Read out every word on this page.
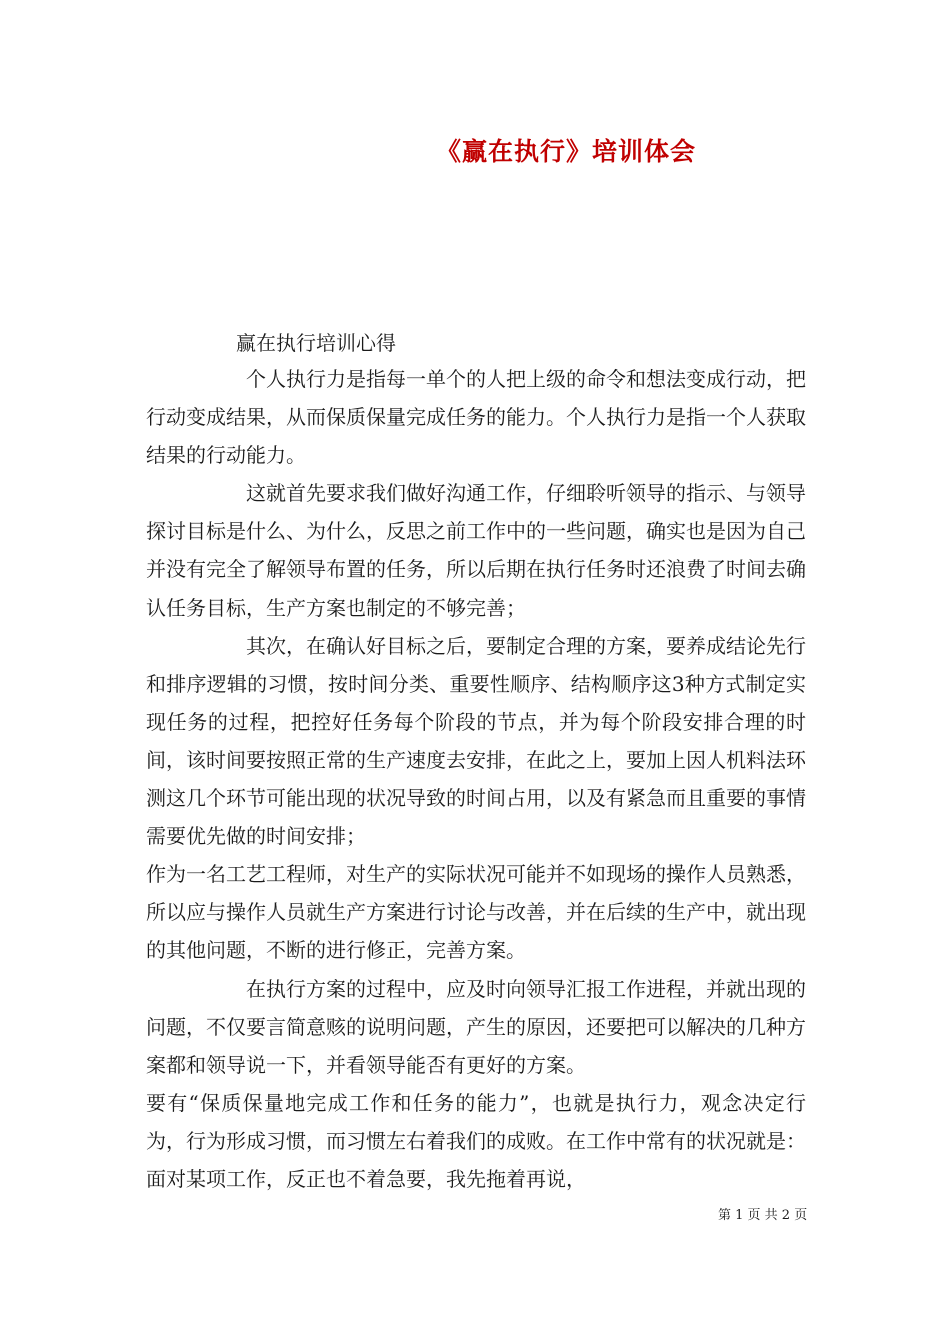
《赢在执行》培训体会
赢在执行培训心得

个人执行力是指每一单个的人把上级的命令和想法变成行动，把行动变成结果，从而保质保量完成任务的能力。个人执行力是指一个人获取结果的行动能力。

这就首先要求我们做好沟通工作，仔细聆听领导的指示、与领导探讨目标是什么、为什么，反思之前工作中的一些问题，确实也是因为自己并没有完全了解领导布置的任务，所以后期在执行任务时还浪费了时间去确认任务目标，生产方案也制定的不够完善；

其次，在确认好目标之后，要制定合理的方案，要养成结论先行和排序逻辑的习惯，按时间分类、重要性顺序、结构顺序这3种方式制定实现任务的过程，把控好任务每个阶段的节点，并为每个阶段安排合理的时间，该时间要按照正常的生产速度去安排，在此之上，要加上因人机料法环测这几个环节可能出现的状况导致的时间占用，以及有紧急而且重要的事情需要优先做的时间安排；

作为一名工艺工程师，对生产的实际状况可能并不如现场的操作人员熟悉，所以应与操作人员就生产方案进行讨论与改善，并在后续的生产中，就出现的其他问题，不断的进行修正，完善方案。

在执行方案的过程中，应及时向领导汇报工作进程，并就出现的问题，不仅要言简意赅的说明问题，产生的原因，还要把可以解决的几种方案都和领导说一下，并看领导能否有更好的方案。

要有“保质保量地完成工作和任务的能力”，也就是执行力，观念决定行为，行为形成习惯，而习惯左右着我们的成败。在工作中常有的状况就是：面对某项工作，反正也不着急要，我先拖着再说，

第 1 页 共 2 页
